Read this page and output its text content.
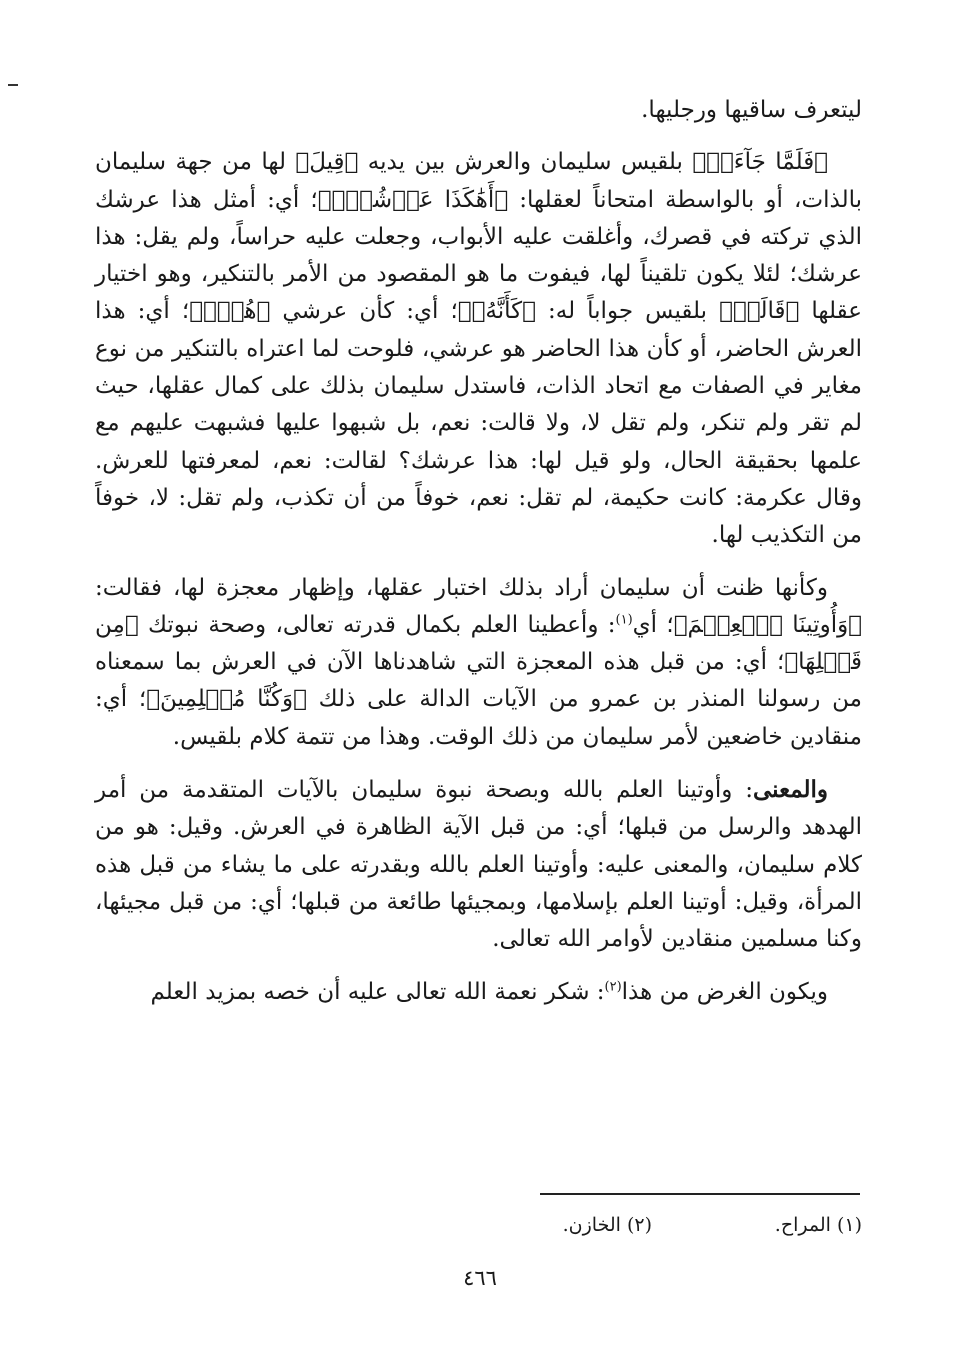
ليتعرف ساقيها ورجليها.

﴿فَلَمَّا جَآءَتۡ﴾ بلقيس سليمان والعرش بين يديه ﴿قِيلَ﴾ لها من جهة سليمان بالذات، أو بالواسطة امتحاناً لعقلها: ﴿أَهَٰكَذَا عَرۡشُكِۖ﴾؛ أي: أمثل هذا عرشك الذي تركته في قصرك، وأغلقت عليه الأبواب، وجعلت عليه حراساً، ولم يقل: هذا عرشك؛ لئلا يكون تلقيناً لها، فيفوت ما هو المقصود من الأمر بالتنكير، وهو اختيار عقلها ﴿قَالَتۡ﴾ بلقيس جواباً له: ﴿كَأَنَّهُۥ﴾؛ أي: كأن عرشي ﴿هُوَۚ﴾؛ أي: هذا العرش الحاضر، أو كأن هذا الحاضر هو عرشي، فلوحت لما اعتراه بالتنكير من نوع مغاير في الصفات مع اتحاد الذات، فاستدل سليمان بذلك على كمال عقلها، حيث لم تقر ولم تنكر، ولم تقل لا، ولا قالت: نعم، بل شبهوا عليها فشبهت عليهم مع علمها بحقيقة الحال، ولو قيل لها: هذا عرشك؟ لقالت: نعم، لمعرفتها للعرش. وقال عكرمة: كانت حكيمة، لم تقل: نعم، خوفاً من أن تكذب، ولم تقل: لا، خوفاً من التكذيب لها.

وكأنها ظنت أن سليمان أراد بذلك اختبار عقلها، وإظهار معجزة لها، فقالت: ﴿وَأُوتِينَا ٱلۡعِلۡمَ﴾؛ أي$^{(١)}$: وأعطينا العلم بكمال قدرته تعالى، وصحة نبوتك ﴿مِن قَبۡلِهَا﴾؛ أي: من قبل هذه المعجزة التي شاهدناها الآن في العرش بما سمعناه من رسولنا المنذر بن عمرو من الآيات الدالة على ذلك ﴿وَكُنَّا مُسۡلِمِينَ﴾؛ أي: منقادين خاضعين لأمر سليمان من ذلك الوقت. وهذا من تتمة كلام بلقيس.

والمعنى: وأوتينا العلم بالله وبصحة نبوة سليمان بالآيات المتقدمة من أمر الهدهد والرسل من قبلها؛ أي: من قبل الآية الظاهرة في العرش. وقيل: هو من كلام سليمان، والمعنى عليه: وأوتينا العلم بالله وبقدرته على ما يشاء من قبل هذه المرأة، وقيل: أوتينا العلم بإسلامها، وبمجيئها طائعة من قبلها؛ أي: من قبل مجيئها، وكنا مسلمين منقادين لأوامر الله تعالى.

ويكون الغرض من هذا$^{(٢)}$: شكر نعمة الله تعالى عليه أن خصه بمزيد العلم

(١) المراح.
(٢) الخازن.
٤٦٦
